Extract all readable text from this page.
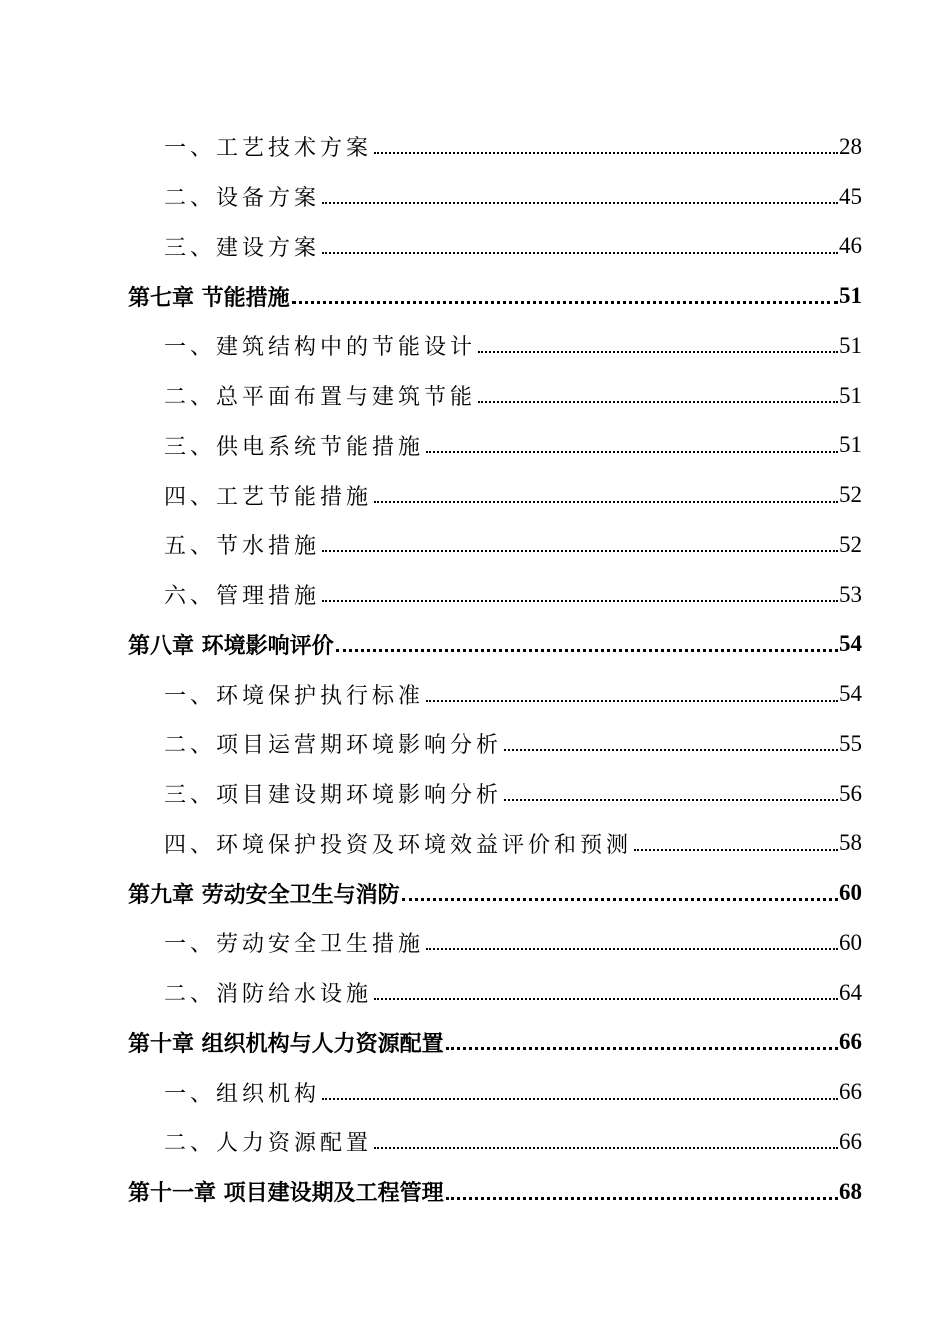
一、工艺技术方案	28
二、设备方案	45
三、建设方案	46
第七章 节能措施	51
一、建筑结构中的节能设计	51
二、总平面布置与建筑节能	51
三、供电系统节能措施	51
四、工艺节能措施	52
五、节水措施	52
六、管理措施	53
第八章 环境影响评价	54
一、环境保护执行标准	54
二、项目运营期环境影响分析	55
三、项目建设期环境影响分析	56
四、环境保护投资及环境效益评价和预测	58
第九章 劳动安全卫生与消防	60
一、劳动安全卫生措施	60
二、消防给水设施	64
第十章 组织机构与人力资源配置	66
一、组织机构	66
二、人力资源配置	66
第十一章 项目建设期及工程管理	68
